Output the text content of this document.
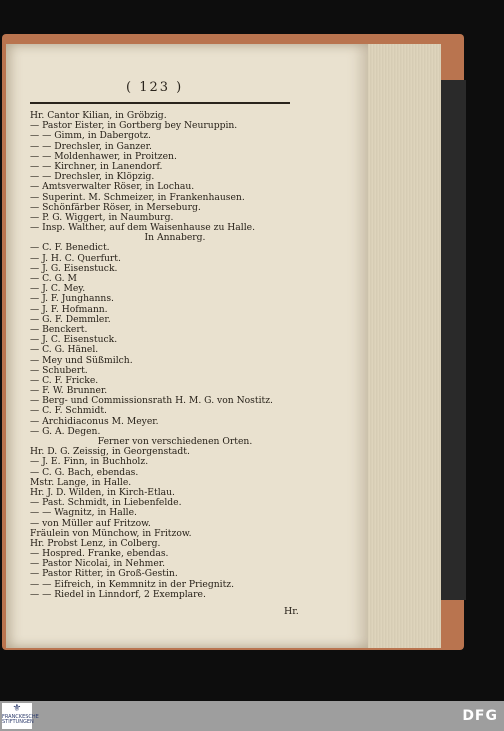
( 123 )
Hr. Cantor Kilian, in Gröbzig.
— Pastor Eister, in Gortberg bey Neuruppin.
— — Gimm, in Dabergotz.
— — Drechsler, in Ganzer.
— — Moldenhawer, in Proitzen.
— — Kirchner, in Lanendorf.
— — Drechsler, in Klöpzig.
— Amtsverwalter Röser, in Lochau.
— Superint. M. Schmeizer, in Frankenhausen.
— Schönfärber Röser, in Merseburg.
— P. G. Wiggert, in Naumburg.
— Insp. Walther, auf dem Waisenhause zu Halle.
In Annaberg.
— C. F. Benedict.
— J. H. C. Querfurt.
— J. G. Eisenstuck.
— C. G. M
— J. C. Mey.
— J. F. Junghanns.
— J. F. Hofmann.
— G. F. Demmler.
— Benckert.
— J. C. Eisenstuck.
— C. G. Hänel.
— Mey und Süßmilch.
— Schubert.
— C. F. Fricke.
— F. W. Brunner.
— Berg- und Commissionsrath H. M. G. von Nostitz.
— C. F. Schmidt.
— Archidiaconus M. Meyer.
— G. A. Degen.
Ferner von verschiedenen Orten.
Hr. D. G. Zeissig, in Georgenstadt.
— J. E. Finn, in Buchholz.
— C. G. Bach, ebendas.
Mstr. Lange, in Halle.
Hr. J. D. Wilden, in Kirch-Etlau.
— Past. Schmidt, in Liebenfelde.
— — Wagnitz, in Halle.
— von Müller auf Fritzow.
Fräulein von Münchow, in Fritzow.
Hr. Probst Lenz, in Colberg.
— Hospred. Franke, ebendas.
— Pastor Nicolai, in Nehmer.
— Pastor Ritter, in Groß-Gestin.
— — Eifreich, in Kemmnitz in der Priegnitz.
— — Riedel in Linndorf, 2 Exemplare.
Hr.
⚜
FRANCKESCHE STIFTUNGEN	DFG
